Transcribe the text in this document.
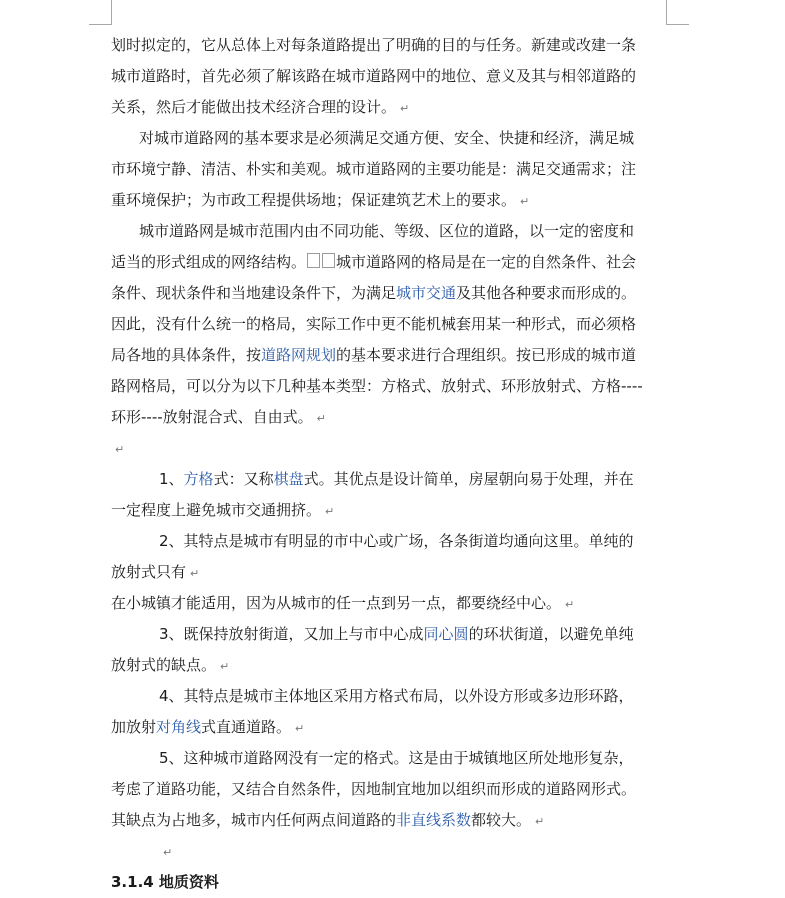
划时拟定的，它从总体上对每条道路提出了明确的目的与任务。新建或改建一条
城市道路时，首先必须了解该路在城市道路网中的地位、意义及其与相邻道路的
关系，然后才能做出技术经济合理的设计。 ↵
对城市道路网的基本要求是必须满足交通方便、安全、快捷和经济，满足城
市环境宁静、清洁、朴实和美观。城市道路网的主要功能是：满足交通需求；注
重环境保护；为市政工程提供场地；保证建筑艺术上的要求。 ↵
城市道路网是城市范围内由不同功能、等级、区位的道路，以一定的密度和
适当的形式组成的网络结构。 城市道路网的格局是在一定的自然条件、社会
条件、现状条件和当地建设条件下，为满足城市交通及其他各种要求而形成的。
因此，没有什么统一的格局，实际工作中更不能机械套用某一种形式，而必须格
局各地的具体条件，按道路网规划的基本要求进行合理组织。按已形成的城市道
路网格局，可以分为以下几种基本类型：方格式、放射式、环形放射式、方格----
环形----放射混合式、自由式。 ↵
↵
1、方格式：又称棋盘式。其优点是设计简单，房屋朝向易于处理，并在
一定程度上避免城市交通拥挤。 ↵
2、其特点是城市有明显的市中心或广场，各条街道均通向这里。单纯的
放射式只有 ↵
在小城镇才能适用，因为从城市的任一点到另一点，都要绕经中心。 ↵
3、既保持放射街道，又加上与市中心成同心圆的环状街道，以避免单纯
放射式的缺点。 ↵
4、其特点是城市主体地区采用方格式布局，以外设方形或多边形环路，
加放射对角线式直通道路。 ↵
5、这种城市道路网没有一定的格式。这是由于城镇地区所处地形复杂，
考虑了道路功能，又结合自然条件，因地制宜地加以组织而形成的道路网形式。
其缺点为占地多，城市内任何两点间道路的非直线系数都较大。 ↵
↵
3.1.4 地质资料
